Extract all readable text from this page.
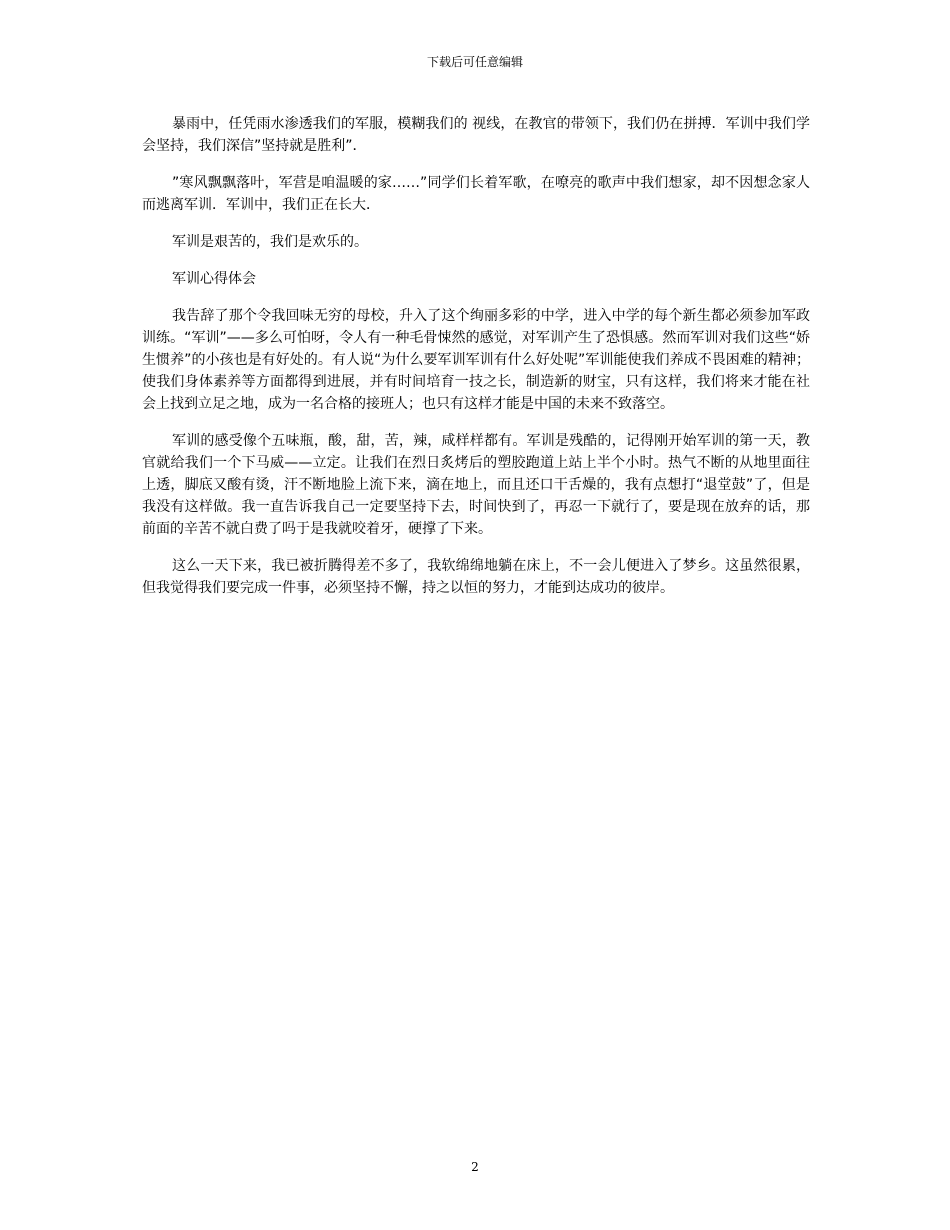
下载后可任意编辑

暴雨中，任凭雨水渗透我们的军服，模糊我们的 视线，在教官的带领下，我们仍在拼搏．军训中我们学会坚持，我们深信”坚持就是胜利”．

”寒风飘飘落叶，军营是咱温暖的家……”同学们长着军歌，在嘹亮的歌声中我们想家，却不因想念家人而逃离军训．军训中，我们正在长大．

军训是艰苦的，我们是欢乐的。

军训心得体会

我告辞了那个令我回味无穷的母校，升入了这个绚丽多彩的中学，进入中学的每个新生都必须参加军政训练。“军训”——多么可怕呀，令人有一种毛骨悚然的感觉，对军训产生了恐惧感。然而军训对我们这些“娇生惯养”的小孩也是有好处的。有人说“为什么要军训军训有什么好处呢”军训能使我们养成不畏困难的精神；使我们身体素养等方面都得到进展，并有时间培育一技之长，制造新的财宝，只有这样，我们将来才能在社会上找到立足之地，成为一名合格的接班人；也只有这样才能是中国的未来不致落空。

军训的感受像个五味瓶，酸，甜，苦，辣，咸样样都有。军训是残酷的，记得刚开始军训的第一天，教官就给我们一个下马威——立定。让我们在烈日炙烤后的塑胶跑道上站上半个小时。热气不断的从地里面往上透，脚底又酸有烫，汗不断地脸上流下来，滴在地上，而且还口干舌燥的，我有点想打“退堂鼓”了，但是我没有这样做。我一直告诉我自己一定要坚持下去，时间快到了，再忍一下就行了，要是现在放弃的话，那前面的辛苦不就白费了吗于是我就咬着牙，硬撑了下来。

这么一天下来，我已被折腾得差不多了，我软绵绵地躺在床上，不一会儿便进入了梦乡。这虽然很累，但我觉得我们要完成一件事，必须坚持不懈，持之以恒的努力，才能到达成功的彼岸。

2
